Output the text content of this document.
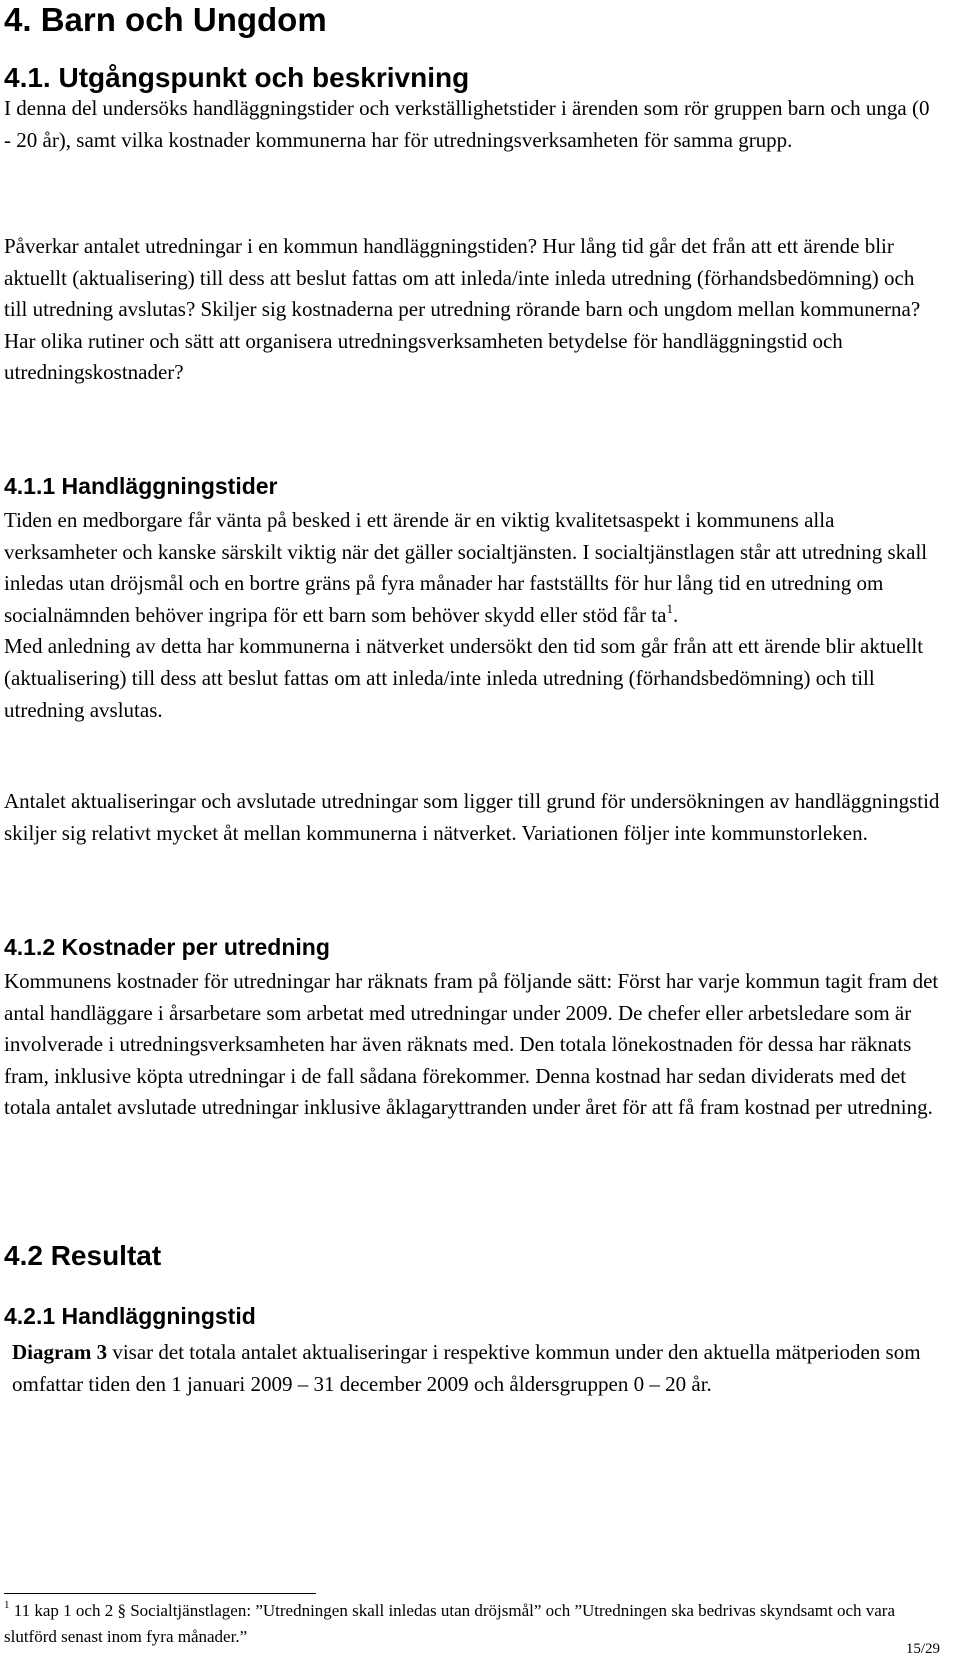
4. Barn och Ungdom
4.1. Utgångspunkt och beskrivning

I denna del undersöks handläggningstider och verkställighetstider i ärenden som rör gruppen barn och unga (0 - 20 år), samt vilka kostnader kommunerna har för utredningsverksamheten för samma grupp.

Påverkar antalet utredningar i en kommun handläggningstiden? Hur lång tid går det från att ett ärende blir aktuellt (aktualisering) till dess att beslut fattas om att inleda/inte inleda utredning (förhandsbedömning) och till utredning avslutas? Skiljer sig kostnaderna per utredning rörande barn och ungdom mellan kommunerna? Har olika rutiner och sätt att organisera utredningsverksamheten betydelse för handläggningstid och utredningskostnader?

4.1.1 Handläggningstider

Tiden en medborgare får vänta på besked i ett ärende är en viktig kvalitetsaspekt i kommunens alla verksamheter och kanske särskilt viktig när det gäller socialtjänsten. I socialtjänstlagen står att utredning skall inledas utan dröjsmål och en bortre gräns på fyra månader har fastställts för hur lång tid en utredning om socialnämnden behöver ingripa för ett barn som behöver skydd eller stöd får $ta^1$.

Med anledning av detta har kommunerna i nätverket undersökt den tid som går från att ett ärende blir aktuellt (aktualisering) till dess att beslut fattas om att inleda/inte inleda utredning (förhandsbedömning) och till utredning avslutas.

Antalet aktualiseringar och avslutade utredningar som ligger till grund för undersökningen av handläggningstid skiljer sig relativt mycket åt mellan kommunerna i nätverket. Variationen följer inte kommunstorleken.

4.1.2 Kostnader per utredning

Kommunens kostnader för utredningar har räknats fram på följande sätt: Först har varje kommun tagit fram det antal handläggare i årsarbetare som arbetat med utredningar under 2009. De chefer eller arbetsledare som är involverade i utredningsverksamheten har även räknats med. Den totala lönekostnaden för dessa har räknats fram, inklusive köpta utredningar i de fall sådana förekommer. Denna kostnad har sedan dividerats med det totala antalet avslutade utredningar inklusive åklagaryttranden under året för att få fram kostnad per utredning.

4.2 Resultat
4.2.1 Handläggningstid

Diagram 3 visar det totala antalet aktualiseringar i respektive kommun under den aktuella mätperioden som omfattar tiden den 1 januari 2009 – 31 december 2009 och åldersgruppen 0 – 20 år.

$^1$ 11 kap 1 och 2 § Socialtjänstlagen: ”Utredningen skall inledas utan dröjsmål” och ”Utredningen ska bedrivas skyndsamt och vara slutförd senast inom fyra månader.”
15/29
